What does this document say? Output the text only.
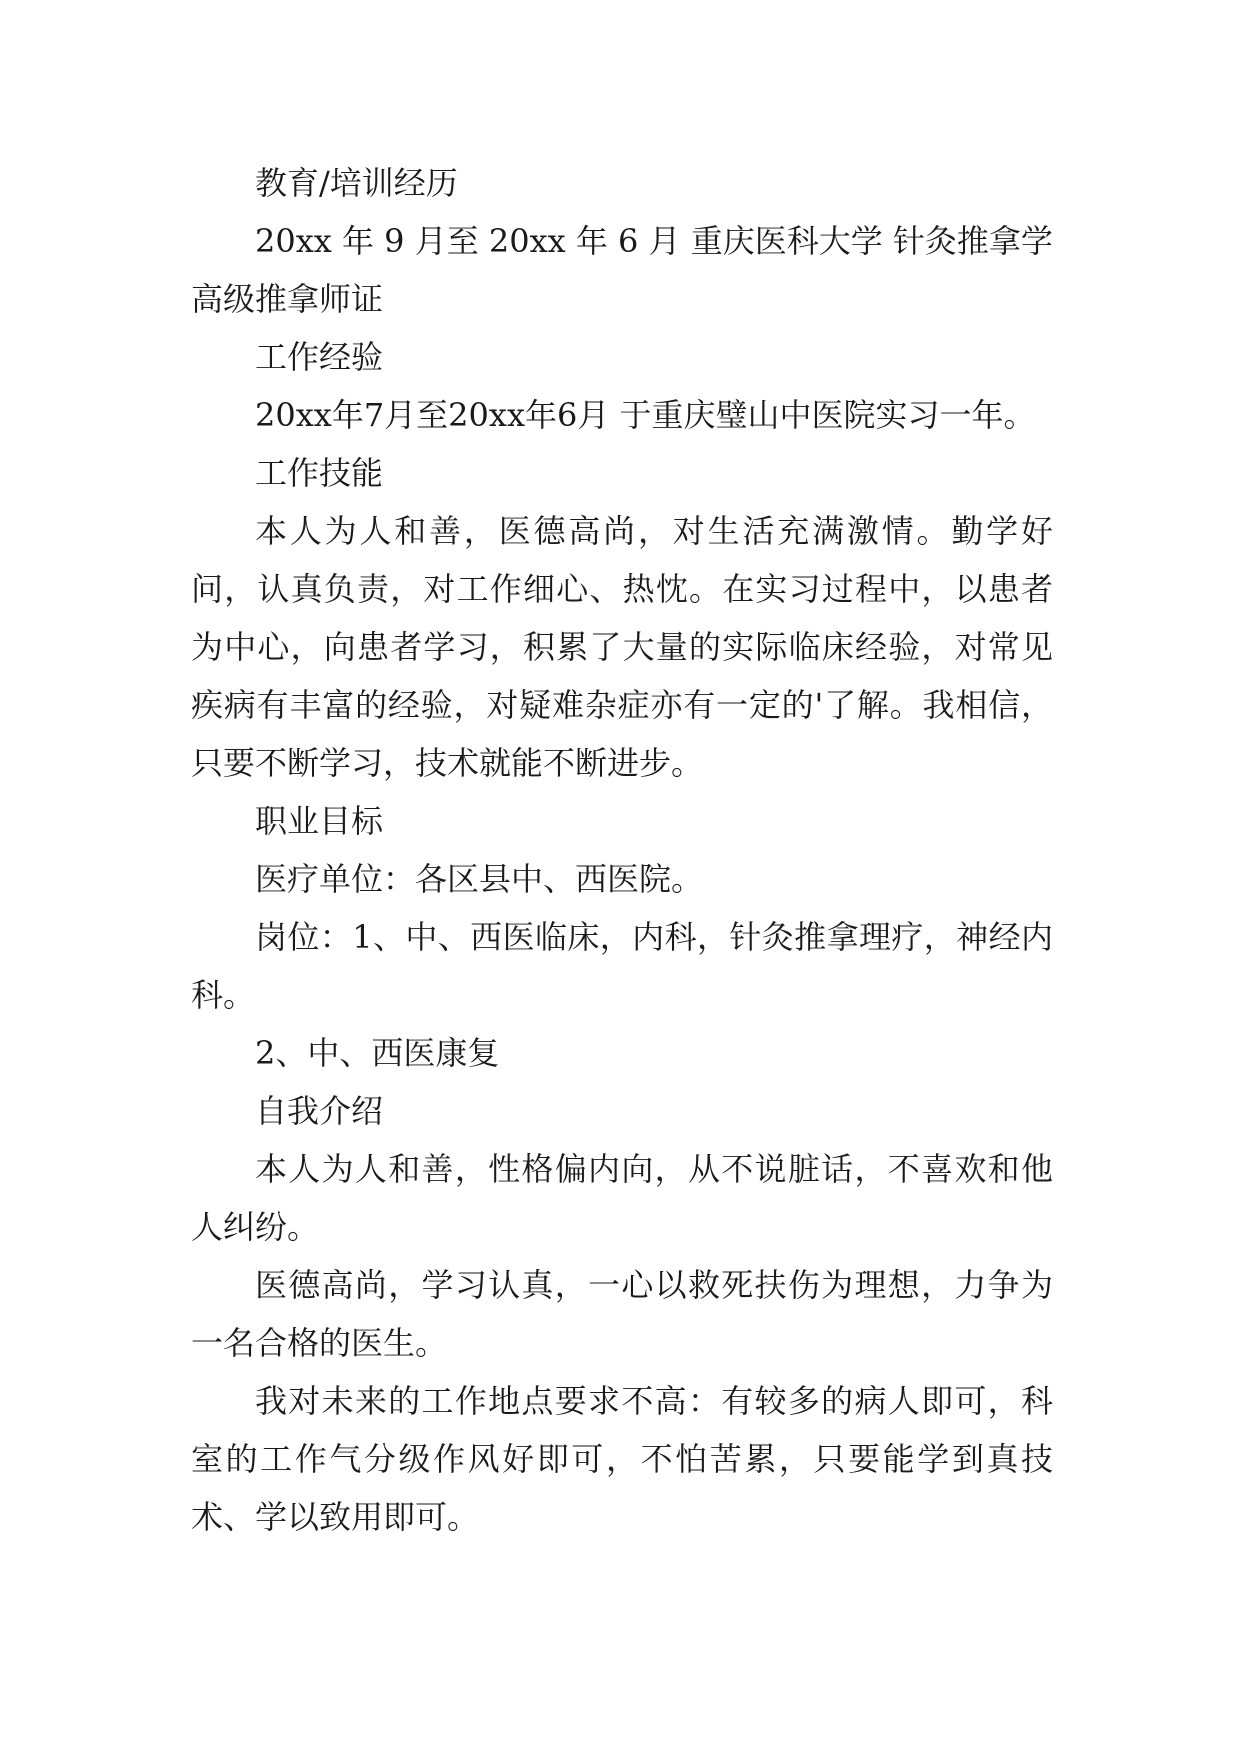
教育/培训经历

20xx 年 9 月至 20xx 年 6 月 重庆医科大学 针灸推拿学

高级推拿师证

工作经验

20xx年7月至20xx年6月 于重庆璧山中医院实习一年。

工作技能

本人为人和善，医德高尚，对生活充满激情。勤学好问，认真负责，对工作细心、热忱。在实习过程中，以患者为中心，向患者学习，积累了大量的实际临床经验，对常见疾病有丰富的经验，对疑难杂症亦有一定的'了解。我相信，只要不断学习，技术就能不断进步。

职业目标

医疗单位：各区县中、西医院。

岗位：1、中、西医临床，内科，针灸推拿理疗，神经内科。

2、中、西医康复

自我介绍

本人为人和善，性格偏内向，从不说脏话，不喜欢和他人纠纷。

医德高尚，学习认真，一心以救死扶伤为理想，力争为一名合格的医生。

我对未来的工作地点要求不高：有较多的病人即可，科室的工作气分级作风好即可，不怕苦累，只要能学到真技术、学以致用即可。
